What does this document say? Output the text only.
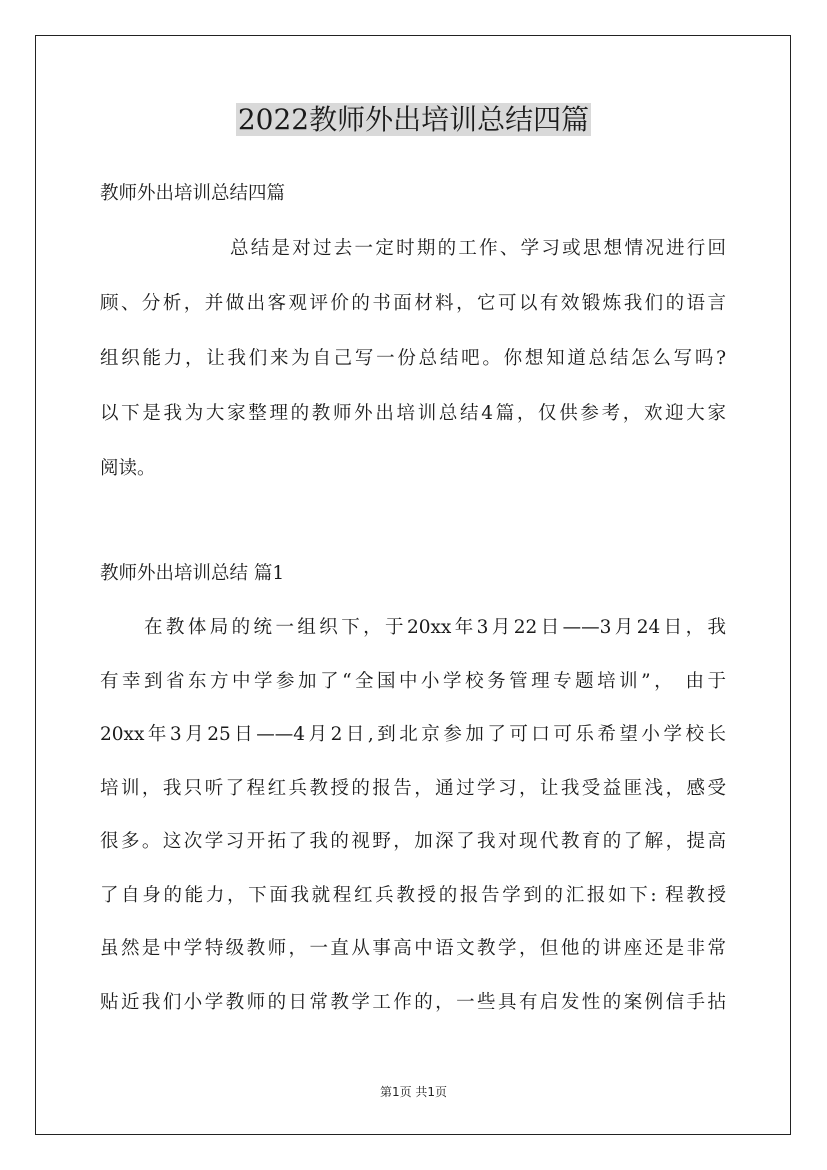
2022教师外出培训总结四篇
教师外出培训总结四篇
总结是对过去一定时期的工作、学习或思想情况进行回
顾、分析，并做出客观评价的书面材料，它可以有效锻炼我们的语言
组织能力，让我们来为自己写一份总结吧。你想知道总结怎么写吗?
以下是我为大家整理的教师外出培训总结4篇，仅供参考，欢迎大家
阅读。
教师外出培训总结 篇1
在教体局的统一组织下，于20xx年3月22日——3月24日，我
有幸到省东方中学参加了“全国中小学校务管理专题培训”， 由于
20xx年3月25日——4月2日,到北京参加了可口可乐希望小学校长
培训，我只听了程红兵教授的报告，通过学习，让我受益匪浅，感受
很多。这次学习开拓了我的视野，加深了我对现代教育的了解，提高
了自身的能力，下面我就程红兵教授的报告学到的汇报如下: 程教授
虽然是中学特级教师，一直从事高中语文教学，但他的讲座还是非常
贴近我们小学教师的日常教学工作的，一些具有启发性的案例信手拈
第1页 共1页
